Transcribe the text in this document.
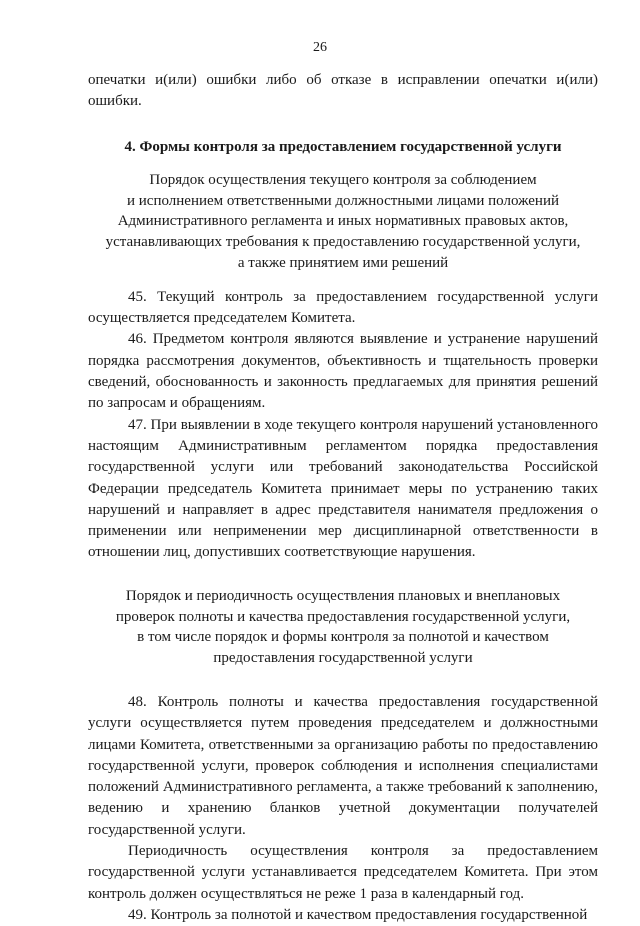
26

опечатки и(или) ошибки либо об отказе в исправлении опечатки и(или) ошибки.

4. Формы контроля за предоставлением государственной услуги
Порядок осуществления текущего контроля за соблюдением
и исполнением ответственными должностными лицами положений
Административного регламента и иных нормативных правовых актов,
устанавливающих требования к предоставлению государственной услуги,
а также принятием ими решений

45. Текущий контроль за предоставлением государственной услуги осуществляется председателем Комитета.

46. Предметом контроля являются выявление и устранение нарушений порядка рассмотрения документов, объективность и тщательность проверки сведений, обоснованность и законность предлагаемых для принятия решений по запросам и обращениям.

47. При выявлении в ходе текущего контроля нарушений установленного настоящим Административным регламентом порядка предоставления государственной услуги или требований законодательства Российской Федерации председатель Комитета принимает меры по устранению таких нарушений и направляет в адрес представителя нанимателя предложения о применении или неприменении мер дисциплинарной ответственности в отношении лиц, допустивших соответствующие нарушения.

Порядок и периодичность осуществления плановых и внеплановых
проверок полноты и качества предоставления государственной услуги,
в том числе порядок и формы контроля за полнотой и качеством
предоставления государственной услуги

48. Контроль полноты и качества предоставления государственной услуги осуществляется путем проведения председателем и должностными лицами Комитета, ответственными за организацию работы по предоставлению государственной услуги, проверок соблюдения и исполнения специалистами положений Административного регламента, а также требований к заполнению, ведению и хранению бланков учетной документации получателей государственной услуги.

Периодичность осуществления контроля за предоставлением государственной услуги устанавливается председателем Комитета. При этом контроль должен осуществляться не реже 1 раза в календарный год.

49. Контроль за полнотой и качеством предоставления государственной
